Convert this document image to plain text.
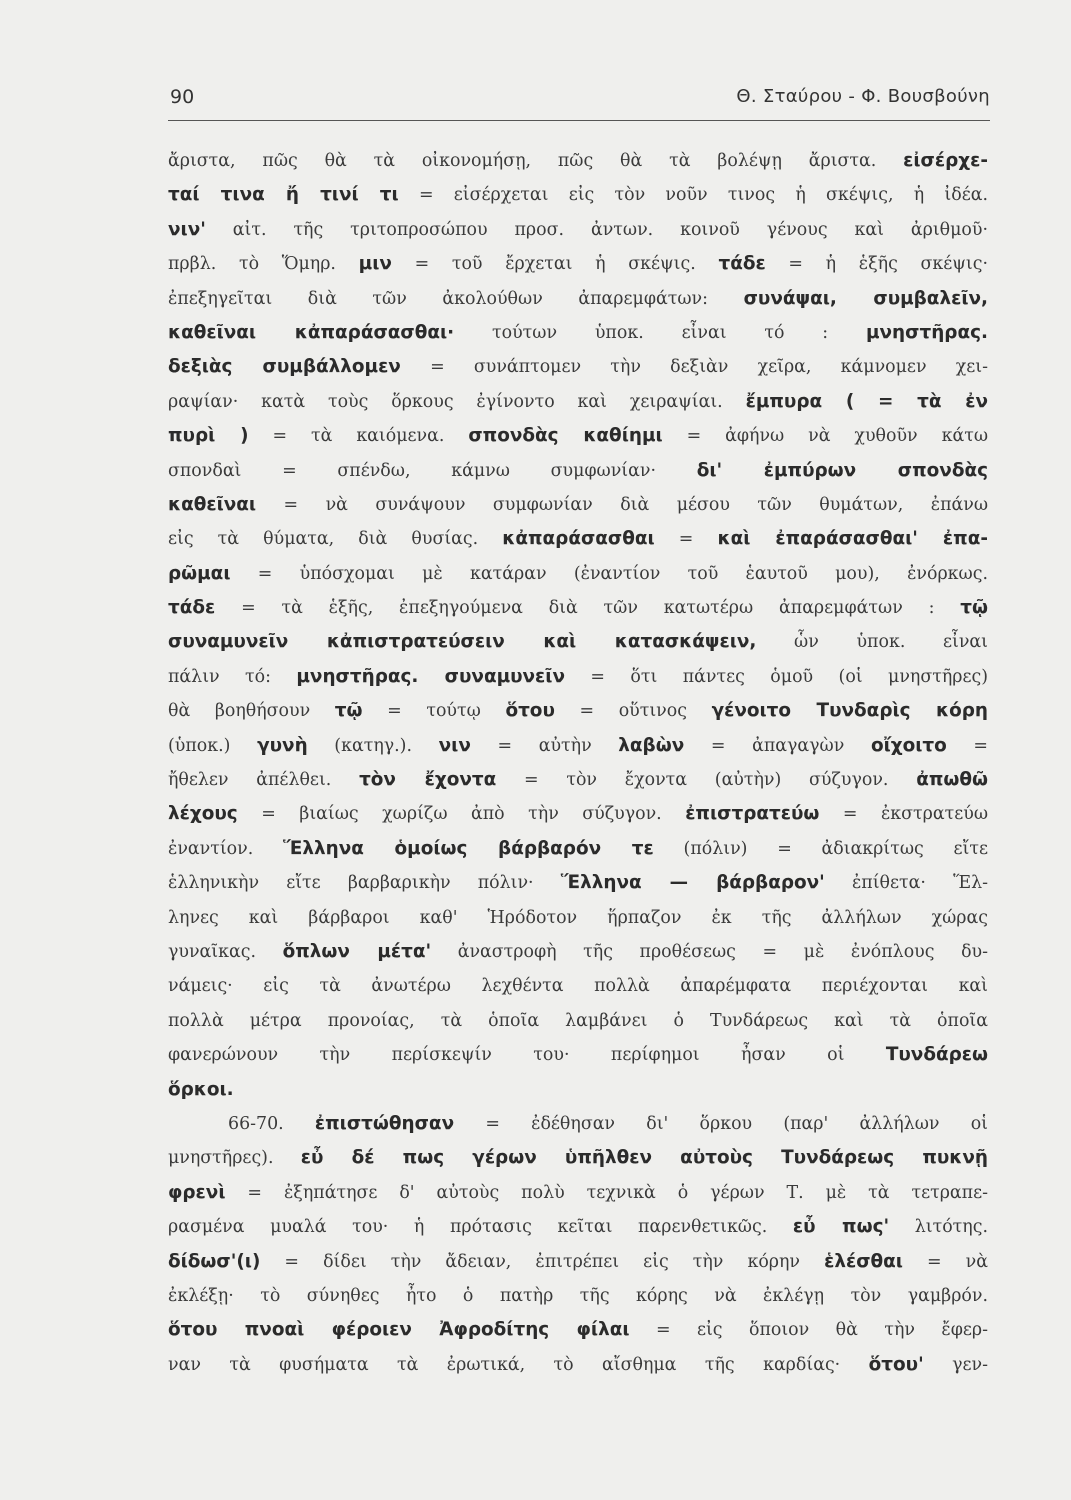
90	Θ. Σταύρου - Φ. Βουσβούνη
ἄριστα, πῶς θὰ τὰ οἰκονομήσῃ, πῶς θὰ τὰ βολέψῃ ἄριστα. εἰσέρχε-
ταί τινα ἤ τινί τι = εἰσέρχεται εἰς τὸν νοῦν τινος ἡ σκέψις, ἡ ἰδέα.
νιν' αἰτ. τῆς τριτοπροσώπου προσ. ἀντων. κοινοῦ γένους καὶ ἀριθμοῦ·
πρβλ. τὸ Ὅμηρ. μιν = τοῦ ἔρχεται ἡ σκέψις. τάδε = ἡ ἑξῆς σκέψις·
ἐπεξηγεῖται διὰ τῶν ἀκολούθων ἀπαρεμφάτων: συνάψαι, συμβαλεῖν,
καθεῖναι κἀπαράσασθαι· τούτων ὑποκ. εἶναι τό : μνηστῆρας.
δεξιὰς συμβάλλομεν = συνάπτομεν τὴν δεξιὰν χεῖρα, κάμνομεν χει-
ραψίαν· κατὰ τοὺς ὅρκους ἐγίνοντο καὶ χειραψίαι. ἔμπυρα ( = τὰ ἐν
πυρὶ ) = τὰ καιόμενα. σπονδὰς καθίημι = ἀφήνω νὰ χυθοῦν κάτω
σπονδαὶ = σπένδω, κάμνω συμφωνίαν· δι' ἐμπύρων σπονδὰς
καθεῖναι = νὰ συνάψουν συμφωνίαν διὰ μέσου τῶν θυμάτων, ἐπάνω
εἰς τὰ θύματα, διὰ θυσίας. κἀπαράσασθαι = καὶ ἐπαράσασθαι' ἐπα-
ρῶμαι = ὑπόσχομαι μὲ κατάραν (ἐναντίον τοῦ ἑαυτοῦ μου), ἐνόρκως.
τάδε = τὰ ἑξῆς, ἐπεξηγούμενα διὰ τῶν κατωτέρω ἀπαρεμφάτων : τῷ
συναμυνεῖν κἀπιστρατεύσειν καὶ κατασκάψειν, ὧν ὑποκ. εἶναι
πάλιν τό: μνηστῆρας. συναμυνεῖν = ὅτι πάντες ὁμοῦ (οἱ μνηστῆρες)
θὰ βοηθήσουν τῷ = τούτῳ ὅτου = οὕτινος γένοιτο Τυνδαρὶς κόρη
(ὑποκ.) γυνὴ (κατηγ.). νιν = αὐτὴν λαβὼν = ἀπαγαγὼν οἴχοιτο =
ἤθελεν ἀπέλθει. τὸν ἔχοντα = τὸν ἔχοντα (αὐτὴν) σύζυγον. ἀπωθῶ
λέχους = βιαίως χωρίζω ἀπὸ τὴν σύζυγον. ἐπιστρατεύω = ἐκστρατεύω
ἐναντίον. Ἕλληνα ὁμοίως βάρβαρόν τε (πόλιν) = ἀδιακρίτως εἴτε
ἑλληνικὴν εἴτε βαρβαρικὴν πόλιν· Ἕλληνα — βάρβαρον' ἐπίθετα· Ἕλ-
ληνες καὶ βάρβαροι καθ' Ἡρόδοτον ἥρπαζον ἐκ τῆς ἀλλήλων χώρας
γυναῖκας. ὅπλων μέτα' ἀναστροφὴ τῆς προθέσεως = μὲ ἐνόπλους δυ-
νάμεις· εἰς τὰ ἀνωτέρω λεχθέντα πολλὰ ἀπαρέμφατα περιέχονται καὶ
πολλὰ μέτρα προνοίας, τὰ ὁποῖα λαμβάνει ὁ Τυνδάρεως καὶ τὰ ὁποῖα
φανερώνουν τὴν περίσκεψίν του· περίφημοι ἦσαν οἱ Τυνδάρεω
ὅρκοι.
66-70. ἐπιστώθησαν = ἐδέθησαν δι' ὅρκου (παρ' ἀλλήλων οἱ
μνηστῆρες). εὖ δέ πως γέρων ὑπῆλθεν αὐτοὺς Τυνδάρεως πυκνῇ
φρενὶ = ἐξηπάτησε δ' αὐτοὺς πολὺ τεχνικὰ ὁ γέρων Τ. μὲ τὰ τετραπε-
ρασμένα μυαλά του· ἡ πρότασις κεῖται παρενθετικῶς. εὖ πως' λιτότης.
δίδωσ'(ι) = δίδει τὴν ἄδειαν, ἐπιτρέπει εἰς τὴν κόρην ἑλέσθαι = νὰ
ἐκλέξῃ· τὸ σύνηθες ἦτο ὁ πατὴρ τῆς κόρης νὰ ἐκλέγῃ τὸν γαμβρόν.
ὅτου πνοαὶ φέροιεν Ἀφροδίτης φίλαι = εἰς ὅποιον θὰ τὴν ἔφερ-
ναν τὰ φυσήματα τὰ ἐρωτικά, τὸ αἴσθημα τῆς καρδίας· ὅτου' γεν-
